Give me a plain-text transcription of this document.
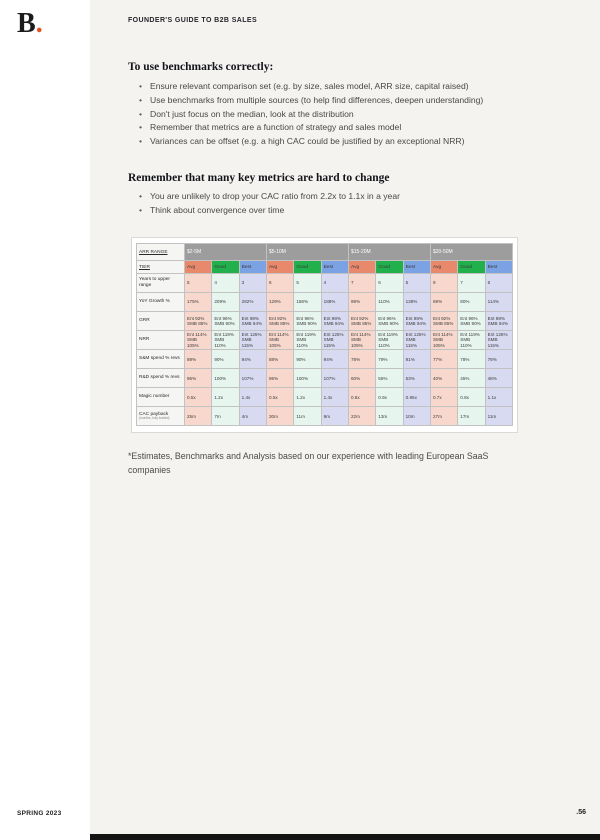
B.	FOUNDER'S GUIDE TO B2B SALES
To use benchmarks correctly:
• Ensure relevant comparison set (e.g. by size, sales model, ARR size, capital raised)
• Use benchmarks from multiple sources (to help find differences, deepen understanding)
• Don't just focus on the median, look at the distribution
• Remember that metrics are a function of strategy and sales model
• Variances can be offset (e.g. a high CAC could be justified by an exceptional NRR)
Remember that many key metrics are hard to change
• You are unlikely to drop your CAC ratio from 2.2x to 1.1x in a year
• Think about convergence over time
ARR RANGE	$2-5M			$5-10M			$15-20M			$20-50M		
TIER	Avg	Good	Best	Avg	Good	Best	Avg	Good	Best	Avg	Good	Best
Years to upper range	5	4	3	6	5	4	7	6	5	9	7	6
YoY Growth %	175%	209%	282%	129%	158%	188%	98%	110%	138%	69%	80%	114%
GRR	Ent 92% SMB 85%	Ent 96% SMB 90%	Ent 98% SMB 94%	Ent 92% SMB 85%	Ent 96% SMB 90%	Ent 98% SMB 94%	Ent 92% SMB 85%	Ent 96% SMB 90%	Ent 98% SMB 94%	Ent 92% SMB 85%	Ent 96% SMB 90%	Ent 98% SMB 94%
NRR	Ent 114% SMB 105%	Ent 119% SMB 110%	Ent 125% SMB 115%	Ent 114% SMB 105%	Ent 119% SMB 110%	Ent 125% SMB 115%	Ent 114% SMB 105%	Ent 119% SMB 110%	Ent 125% SMB 115%	Ent 114% SMB 105%	Ent 119% SMB 110%	Ent 125% SMB 115%
S&M spend % revs	89%	90%	94%	88%	90%	94%	78%	79%	91%	77%	78%	78%
R&D spend % revs	95%	100%	107%	95%	100%	107%	60%	55%	53%	40%	45%	48%
Magic number	0.5x	1.2x	1.4x	0.5x	1.2x	1.4x	0.6x	0.9x	0.95x	0.7x	0.8x	1.1x
CAC payback
(months, fully loaded)	25m	7m	4m	30m	11m	9m	22m	13m	10m	27m	17m	11m
*Estimates, Benchmarks and Analysis based on our experience with leading European SaaS companies
SPRING 2023	.56
